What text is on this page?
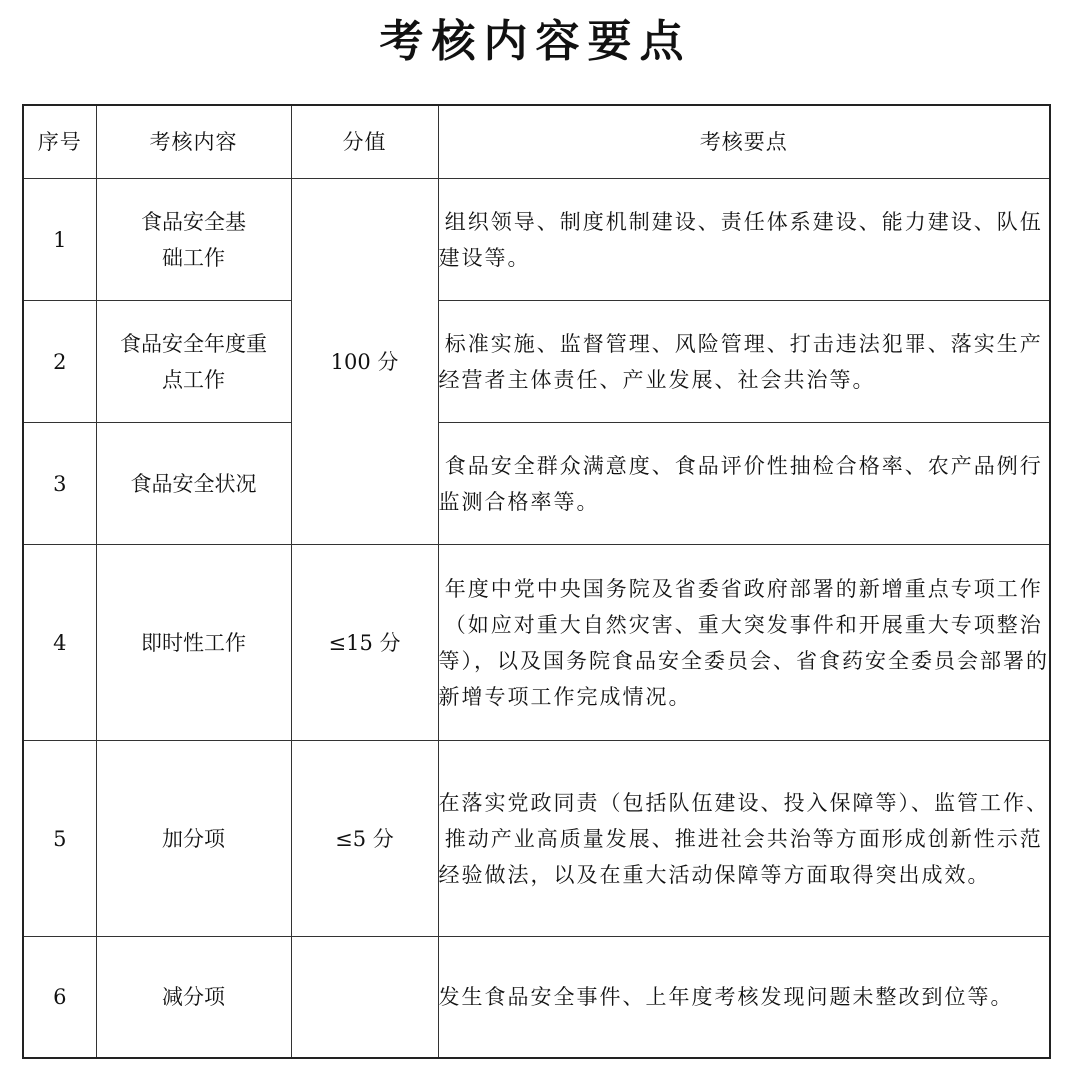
考核内容要点
序号	考核内容	分值	考核要点
1	食品安全基础工作	100 分	组织领导、制度机制建设、责任体系建设、能力建设、队伍建设等。
2	食品安全年度重点工作		标准实施、监督管理、风险管理、打击违法犯罪、落实生产经营者主体责任、产业发展、社会共治等。
3	食品安全状况		食品安全群众满意度、食品评价性抽检合格率、农产品例行监测合格率等。
4	即时性工作	≤15 分	年度中党中央国务院及省委省政府部署的新增重点专项工作（如应对重大自然灾害、重大突发事件和开展重大专项整治等），以及国务院食品安全委员会、省食药安全委员会部署的新增专项工作完成情况。
5	加分项	≤5 分	在落实党政同责（包括队伍建设、投入保障等）、监管工作、推动产业高质量发展、推进社会共治等方面形成创新性示范经验做法，以及在重大活动保障等方面取得突出成效。
6	减分项		发生食品安全事件、上年度考核发现问题未整改到位等。
